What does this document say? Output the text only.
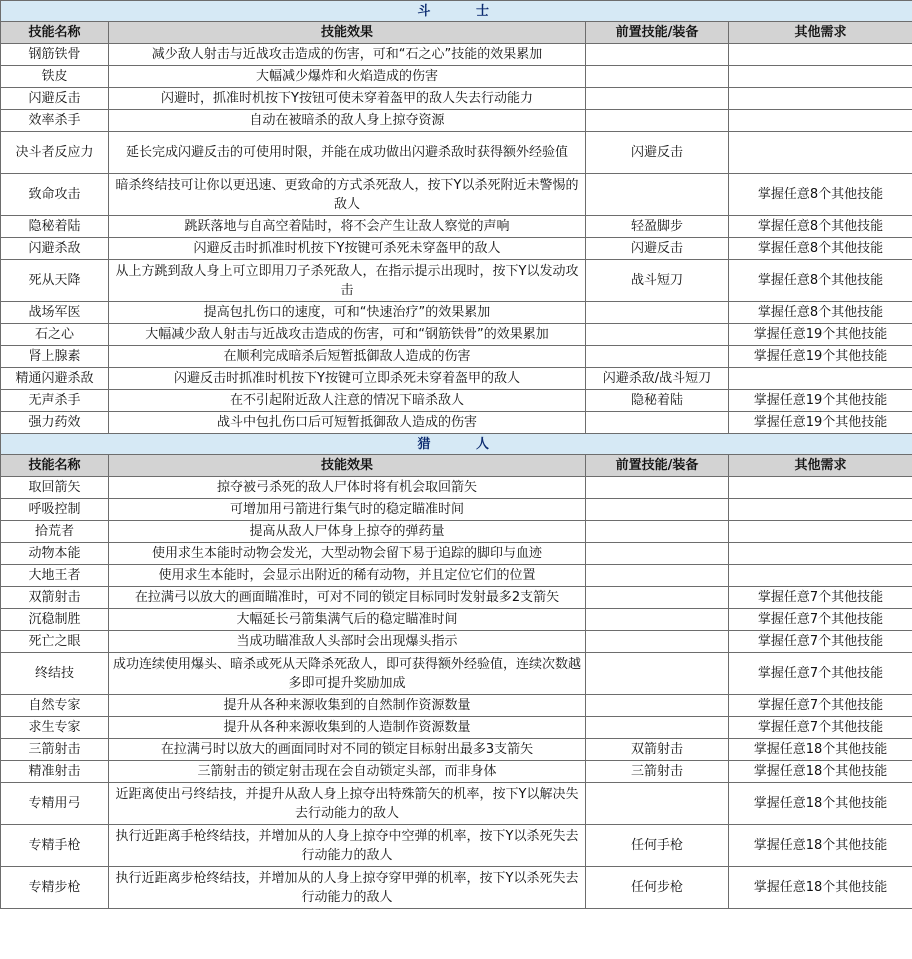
斗　　士			
技能名称	技能效果	前置技能/装备	其他需求
钢筋铁骨	减少敌人射击与近战攻击造成的伤害，可和“石之心”技能的效果累加		
铁皮	大幅减少爆炸和火焰造成的伤害		
闪避反击	闪避时，抓准时机按下Y按钮可使未穿着盔甲的敌人失去行动能力		
效率杀手	自动在被暗杀的敌人身上掠夺资源		
决斗者反应力	延长完成闪避反击的可使用时限，并能在成功做出闪避杀敌时获得额外经验值	闪避反击	
致命攻击	暗杀终结技可让你以更迅速、更致命的方式杀死敌人，按下Y以杀死附近未警惕的敌人		掌握任意8个其他技能
隐秘着陆	跳跃落地与自高空着陆时，将不会产生让敌人察觉的声响	轻盈脚步	掌握任意8个其他技能
闪避杀敌	闪避反击时抓准时机按下Y按键可杀死未穿盔甲的敌人	闪避反击	掌握任意8个其他技能
死从天降	从上方跳到敌人身上可立即用刀子杀死敌人，在指示提示出现时，按下Y以发动攻击	战斗短刀	掌握任意8个其他技能
战场军医	提高包扎伤口的速度，可和“快速治疗”的效果累加		掌握任意8个其他技能
石之心	大幅减少敌人射击与近战攻击造成的伤害，可和“钢筋铁骨”的效果累加		掌握任意19个其他技能
肾上腺素	在顺利完成暗杀后短暂抵御敌人造成的伤害		掌握任意19个其他技能
精通闪避杀敌	闪避反击时抓准时机按下Y按键可立即杀死未穿着盔甲的敌人	闪避杀敌/战斗短刀	
无声杀手	在不引起附近敌人注意的情况下暗杀敌人	隐秘着陆	掌握任意19个其他技能
强力药效	战斗中包扎伤口后可短暂抵御敌人造成的伤害		掌握任意19个其他技能
猎　　人			
技能名称	技能效果	前置技能/装备	其他需求
取回箭矢	掠夺被弓杀死的敌人尸体时将有机会取回箭矢		
呼吸控制	可增加用弓箭进行集气时的稳定瞄准时间		
拾荒者	提高从敌人尸体身上掠夺的弹药量		
动物本能	使用求生本能时动物会发光，大型动物会留下易于追踪的脚印与血迹		
大地王者	使用求生本能时，会显示出附近的稀有动物，并且定位它们的位置		
双箭射击	在拉满弓以放大的画面瞄准时，可对不同的锁定目标同时发射最多2支箭矢		掌握任意7个其他技能
沉稳制胜	大幅延长弓箭集满气后的稳定瞄准时间		掌握任意7个其他技能
死亡之眼	当成功瞄准敌人头部时会出现爆头指示		掌握任意7个其他技能
终结技	成功连续使用爆头、暗杀或死从天降杀死敌人，即可获得额外经验值，连续次数越多即可提升奖励加成		掌握任意7个其他技能
自然专家	提升从各种来源收集到的自然制作资源数量		掌握任意7个其他技能
求生专家	提升从各种来源收集到的人造制作资源数量		掌握任意7个其他技能
三箭射击	在拉满弓时以放大的画面同时对不同的锁定目标射出最多3支箭矢	双箭射击	掌握任意18个其他技能
精准射击	三箭射击的锁定射击现在会自动锁定头部，而非身体	三箭射击	掌握任意18个其他技能
专精用弓	近距离使出弓终结技，并提升从敌人身上掠夺出特殊箭矢的机率，按下Y以解决失去行动能力的敌人		掌握任意18个其他技能
专精手枪	执行近距离手枪终结技，并增加从的人身上掠夺中空弹的机率，按下Y以杀死失去行动能力的敌人	任何手枪	掌握任意18个其他技能
专精步枪	执行近距离步枪终结技，并增加从的人身上掠夺穿甲弹的机率，按下Y以杀死失去行动能力的敌人	任何步枪	掌握任意18个其他技能
